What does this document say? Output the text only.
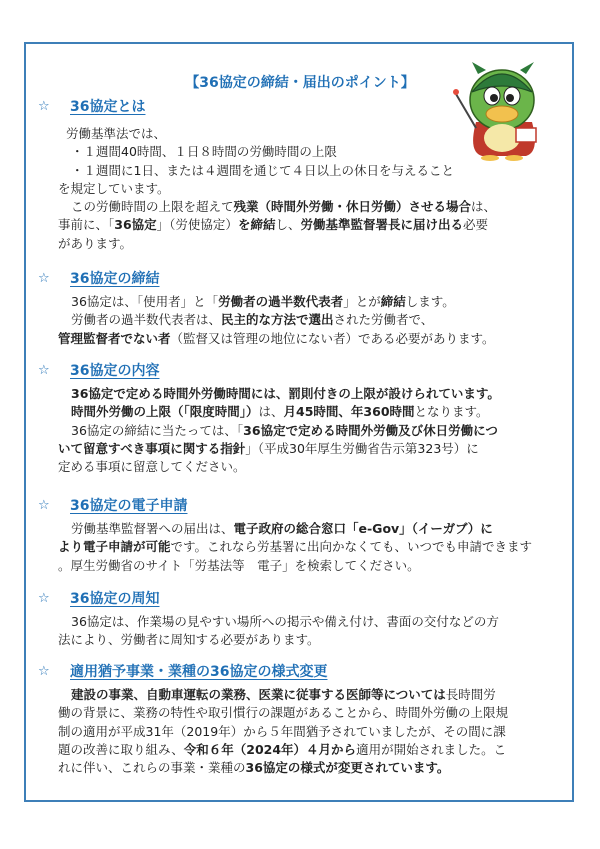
【36協定の締結・届出のポイント】
☆	36協定とは
労働基準法では、
・１週間40時間、１日８時間の労働時間の上限
・１週間に1日、または４週間を通じて４日以上の休日を与えること
を規定しています。
この労働時間の上限を超えて残業（時間外労働・休日労働）させる場合は、
事前に、「36協定」（労使協定）を締結し、労働基準監督署長に届け出る必要
があります。
☆	36協定の締結
36協定は、「使用者」と「労働者の過半数代表者」とが締結します。
労働者の過半数代表者は、民主的な方法で選出された労働者で、
管理監督者でない者（監督又は管理の地位にない者）である必要があります。
☆	36協定の内容
36協定で定める時間外労働時間には、罰則付きの上限が設けられています。
時間外労働の上限（「限度時間」）は、月45時間、年360時間となります。
36協定の締結に当たっては、「36協定で定める時間外労働及び休日労働につ
いて留意すべき事項に関する指針」（平成30年厚生労働省告示第323号）に
定める事項に留意してください。
☆	36協定の電子申請
労働基準監督署への届出は、電子政府の総合窓口「e-Gov」（イーガブ）に
より電子申請が可能です。これなら労基署に出向かなくても、いつでも申請できます
。厚生労働省のサイト「労基法等　電子」を検索してください。
☆	36協定の周知
36協定は、作業場の見やすい場所への掲示や備え付け、書面の交付などの方
法により、労働者に周知する必要があります。
☆	適用猶予事業・業種の36協定の様式変更
建設の事業、自動車運転の業務、医業に従事する医師等については長時間労
働の背景に、業務の特性や取引慣行の課題があることから、時間外労働の上限規
制の適用が平成31年（2019年）から５年間猶予されていましたが、その間に課
題の改善に取り組み、令和６年（2024年）４月から適用が開始されました。こ
れに伴い、これらの事業・業種の36協定の様式が変更されています。
